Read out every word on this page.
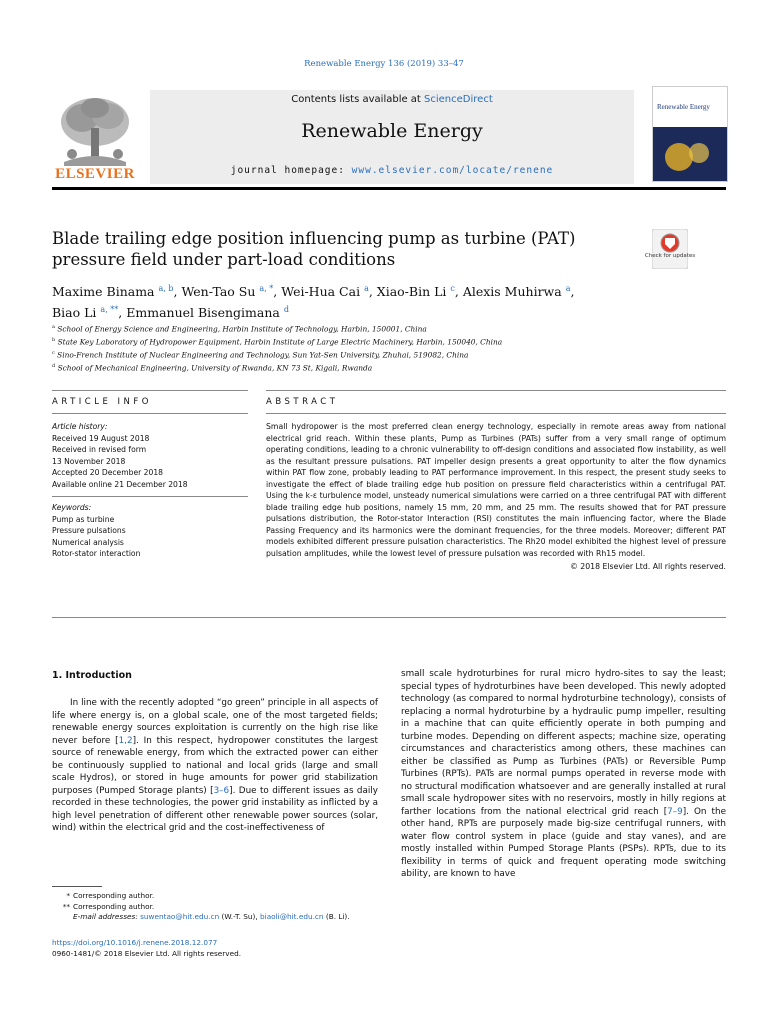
Renewable Energy 136 (2019) 33–47
ELSEVIER
Contents lists available at ScienceDirect
Renewable Energy
journal homepage: www.elsevier.com/locate/renene
Renewable Energy
Blade trailing edge position influencing pump as turbine (PAT) pressure field under part-load conditions	Check for updates
Maxime Binama $^{a, b}$, Wen-Tao Su $^{a, *}$, Wei-Hua Cai $^a$, Xiao-Bin Li $^c$, Alexis Muhirwa $^a$,
Biao Li $^{a, **}$, Emmanuel Bisengimana $^d$
$^a$ School of Energy Science and Engineering, Harbin Institute of Technology, Harbin, 150001, China
$^b$ State Key Laboratory of Hydropower Equipment, Harbin Institute of Large Electric Machinery, Harbin, 150040, China
$^c$ Sino-French Institute of Nuclear Engineering and Technology, Sun Yat-Sen University, Zhuhai, 519082, China
$^d$ School of Mechanical Engineering, University of Rwanda, KN 73 St, Kigali, Rwanda
ARTICLE INFO	ABSTRACT
Article history:
Received 19 August 2018
Received in revised form
13 November 2018
Accepted 20 December 2018
Available online 21 December 2018
Keywords:
Pump as turbine
Pressure pulsations
Numerical analysis
Rotor-stator interaction
Small hydropower is the most preferred clean energy technology, especially in remote areas away from national electrical grid reach. Within these plants, Pump as Turbines (PATs) suffer from a very small range of optimum operating conditions, leading to a chronic vulnerability to off-design conditions and associated flow instability, as well as the resultant pressure pulsations. PAT impeller design presents a great opportunity to alter the flow dynamics within PAT flow zone, probably leading to PAT performance improvement. In this respect, the present study seeks to investigate the effect of blade trailing edge hub position on pressure field characteristics within a centrifugal PAT. Using the k-ε turbulence model, unsteady numerical simulations were carried on a three centrifugal PAT with different blade trailing edge hub positions, namely 15 mm, 20 mm, and 25 mm. The results showed that for PAT pressure pulsations distribution, the Rotor-stator Interaction (RSI) constitutes the main influencing factor, where the Blade Passing Frequency and its harmonics were the dominant frequencies, for the three models. Moreover; different PAT models exhibited different pressure pulsation characteristics. The Rh20 model exhibited the highest level of pressure pulsation amplitudes, while the lowest level of pressure pulsation was recorded with Rh15 model.
© 2018 Elsevier Ltd. All rights reserved.
1. Introduction
In line with the recently adopted “go green” principle in all aspects of life where energy is, on a global scale, one of the most targeted fields; renewable energy sources exploitation is currently on the high rise like never before [1,2]. In this respect, hydropower constitutes the largest source of renewable energy, from which the extracted power can either be continuously supplied to national and local grids (large and small scale Hydros), or stored in huge amounts for power grid stabilization purposes (Pumped Storage plants) [3–6]. Due to different issues as daily recorded in these technologies, the power grid instability as inflicted by a high level penetration of different other renewable power sources (solar, wind) within the electrical grid and the cost-ineffectiveness of
small scale hydroturbines for rural micro hydro-sites to say the least; special types of hydroturbines have been developed. This newly adopted technology (as compared to normal hydroturbine technology), consists of replacing a normal hydroturbine by a hydraulic pump impeller, resulting in a machine that can quite efficiently operate in both pumping and turbine modes. Depending on different aspects; machine size, operating circumstances and characteristics among others, these machines can either be classified as Pump as Turbines (PATs) or Reversible Pump Turbines (RPTs). PATs are normal pumps operated in reverse mode with no structural modification whatsoever and are generally installed at rural small scale hydropower sites with no reservoirs, mostly in hilly regions at farther locations from the national electrical grid reach [7–9]. On the other hand, RPTs are purposely made big-size centrifugal runners, with water flow control system in place (guide and stay vanes), and are mostly installed within Pumped Storage Plants (PSPs). RPTs, due to its flexibility in terms of quick and frequent operating mode switching ability, are known to have
* Corresponding author.
** Corresponding author.
E-mail addresses: suwentao@hit.edu.cn (W.-T. Su), biaoli@hit.edu.cn (B. Li).
https://doi.org/10.1016/j.renene.2018.12.077
0960-1481/© 2018 Elsevier Ltd. All rights reserved.
